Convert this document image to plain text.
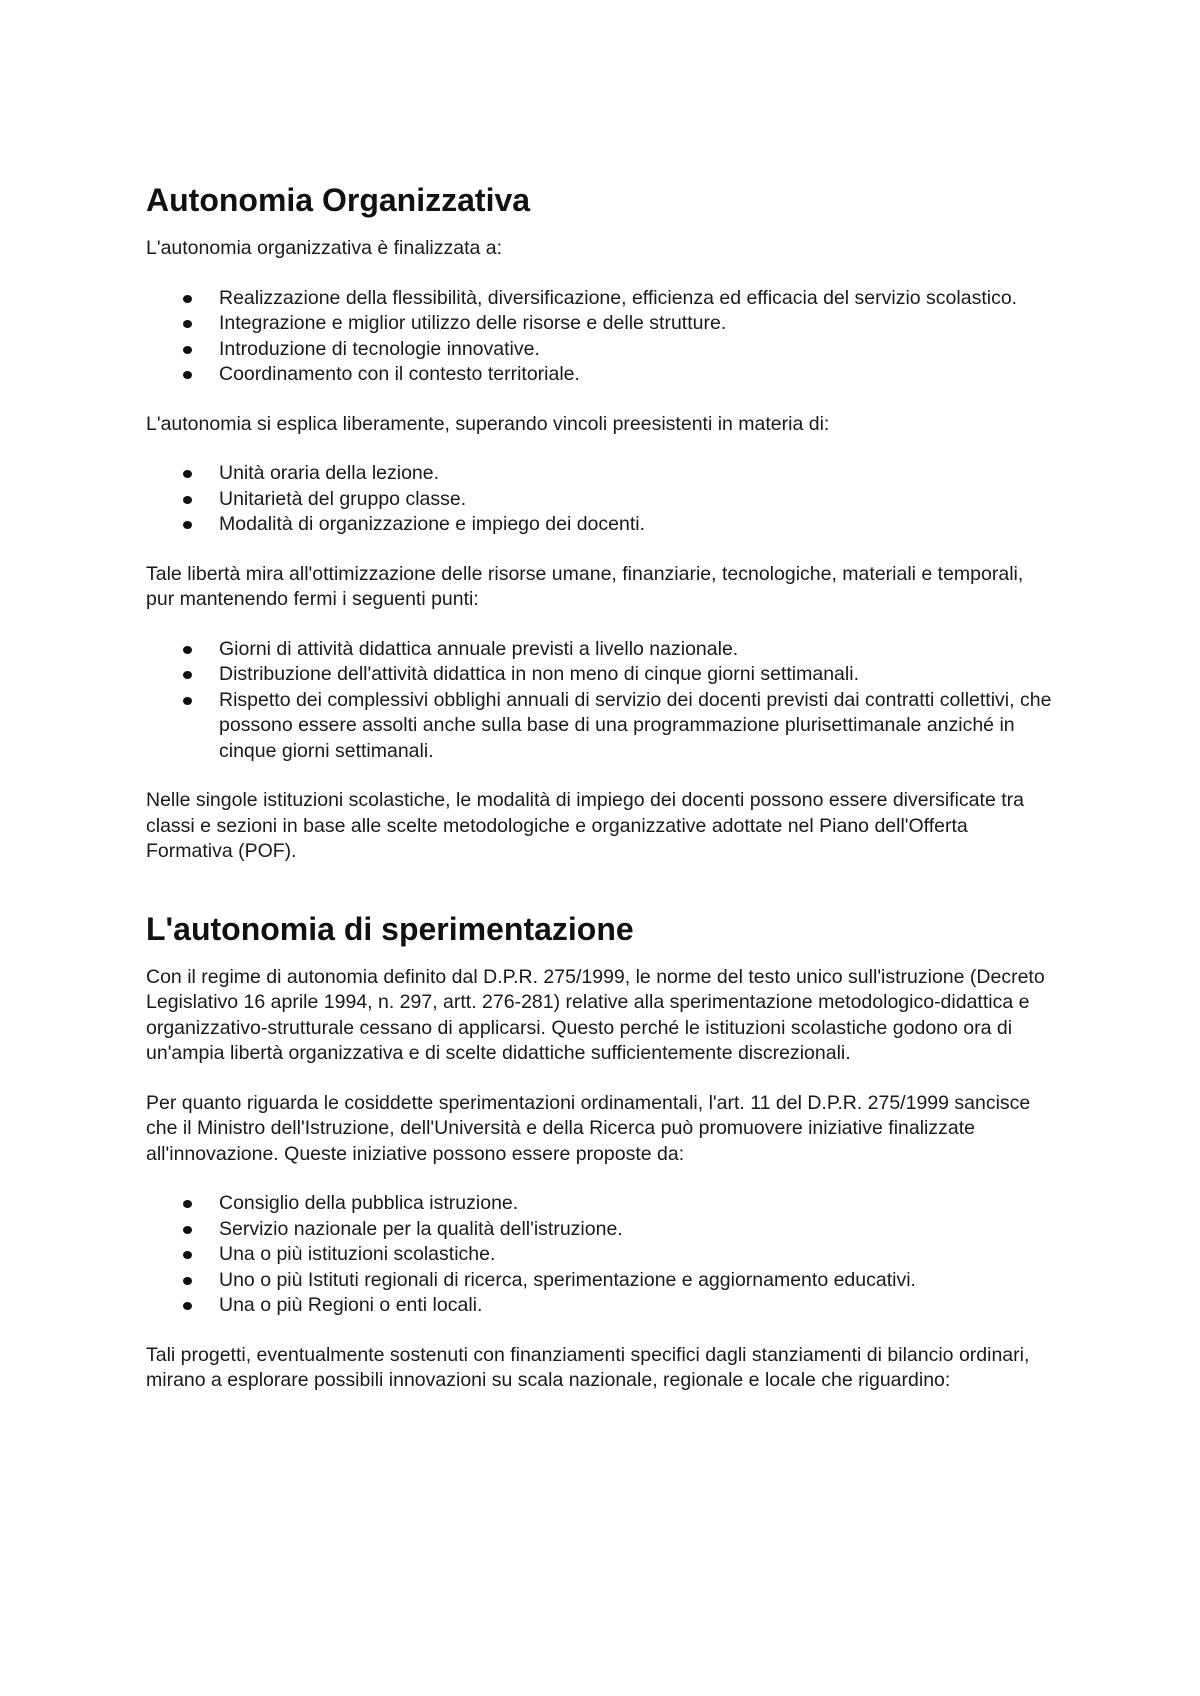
Autonomia Organizzativa

L'autonomia organizzativa è finalizzata a:

Realizzazione della flessibilità, diversificazione, efficienza ed efficacia del servizio scolastico.
Integrazione e miglior utilizzo delle risorse e delle strutture.
Introduzione di tecnologie innovative.
Coordinamento con il contesto territoriale.

L'autonomia si esplica liberamente, superando vincoli preesistenti in materia di:

Unità oraria della lezione.
Unitarietà del gruppo classe.
Modalità di organizzazione e impiego dei docenti.

Tale libertà mira all'ottimizzazione delle risorse umane, finanziarie, tecnologiche, materiali e temporali, pur mantenendo fermi i seguenti punti:

Giorni di attività didattica annuale previsti a livello nazionale.
Distribuzione dell'attività didattica in non meno di cinque giorni settimanali.
Rispetto dei complessivi obblighi annuali di servizio dei docenti previsti dai contratti collettivi, che possono essere assolti anche sulla base di una programmazione plurisettimanale anziché in cinque giorni settimanali.

Nelle singole istituzioni scolastiche, le modalità di impiego dei docenti possono essere diversificate tra classi e sezioni in base alle scelte metodologiche e organizzative adottate nel Piano dell'Offerta Formativa (POF).

L'autonomia di sperimentazione

Con il regime di autonomia definito dal D.P.R. 275/1999, le norme del testo unico sull'istruzione (Decreto Legislativo 16 aprile 1994, n. 297, artt. 276-281) relative alla sperimentazione metodologico-didattica e organizzativo-strutturale cessano di applicarsi. Questo perché le istituzioni scolastiche godono ora di un'ampia libertà organizzativa e di scelte didattiche sufficientemente discrezionali.

Per quanto riguarda le cosiddette sperimentazioni ordinamentali, l'art. 11 del D.P.R. 275/1999 sancisce che il Ministro dell'Istruzione, dell'Università e della Ricerca può promuovere iniziative finalizzate all'innovazione. Queste iniziative possono essere proposte da:

Consiglio della pubblica istruzione.
Servizio nazionale per la qualità dell'istruzione.
Una o più istituzioni scolastiche.
Uno o più Istituti regionali di ricerca, sperimentazione e aggiornamento educativi.
Una o più Regioni o enti locali.

Tali progetti, eventualmente sostenuti con finanziamenti specifici dagli stanziamenti di bilancio ordinari, mirano a esplorare possibili innovazioni su scala nazionale, regionale e locale che riguardino:
